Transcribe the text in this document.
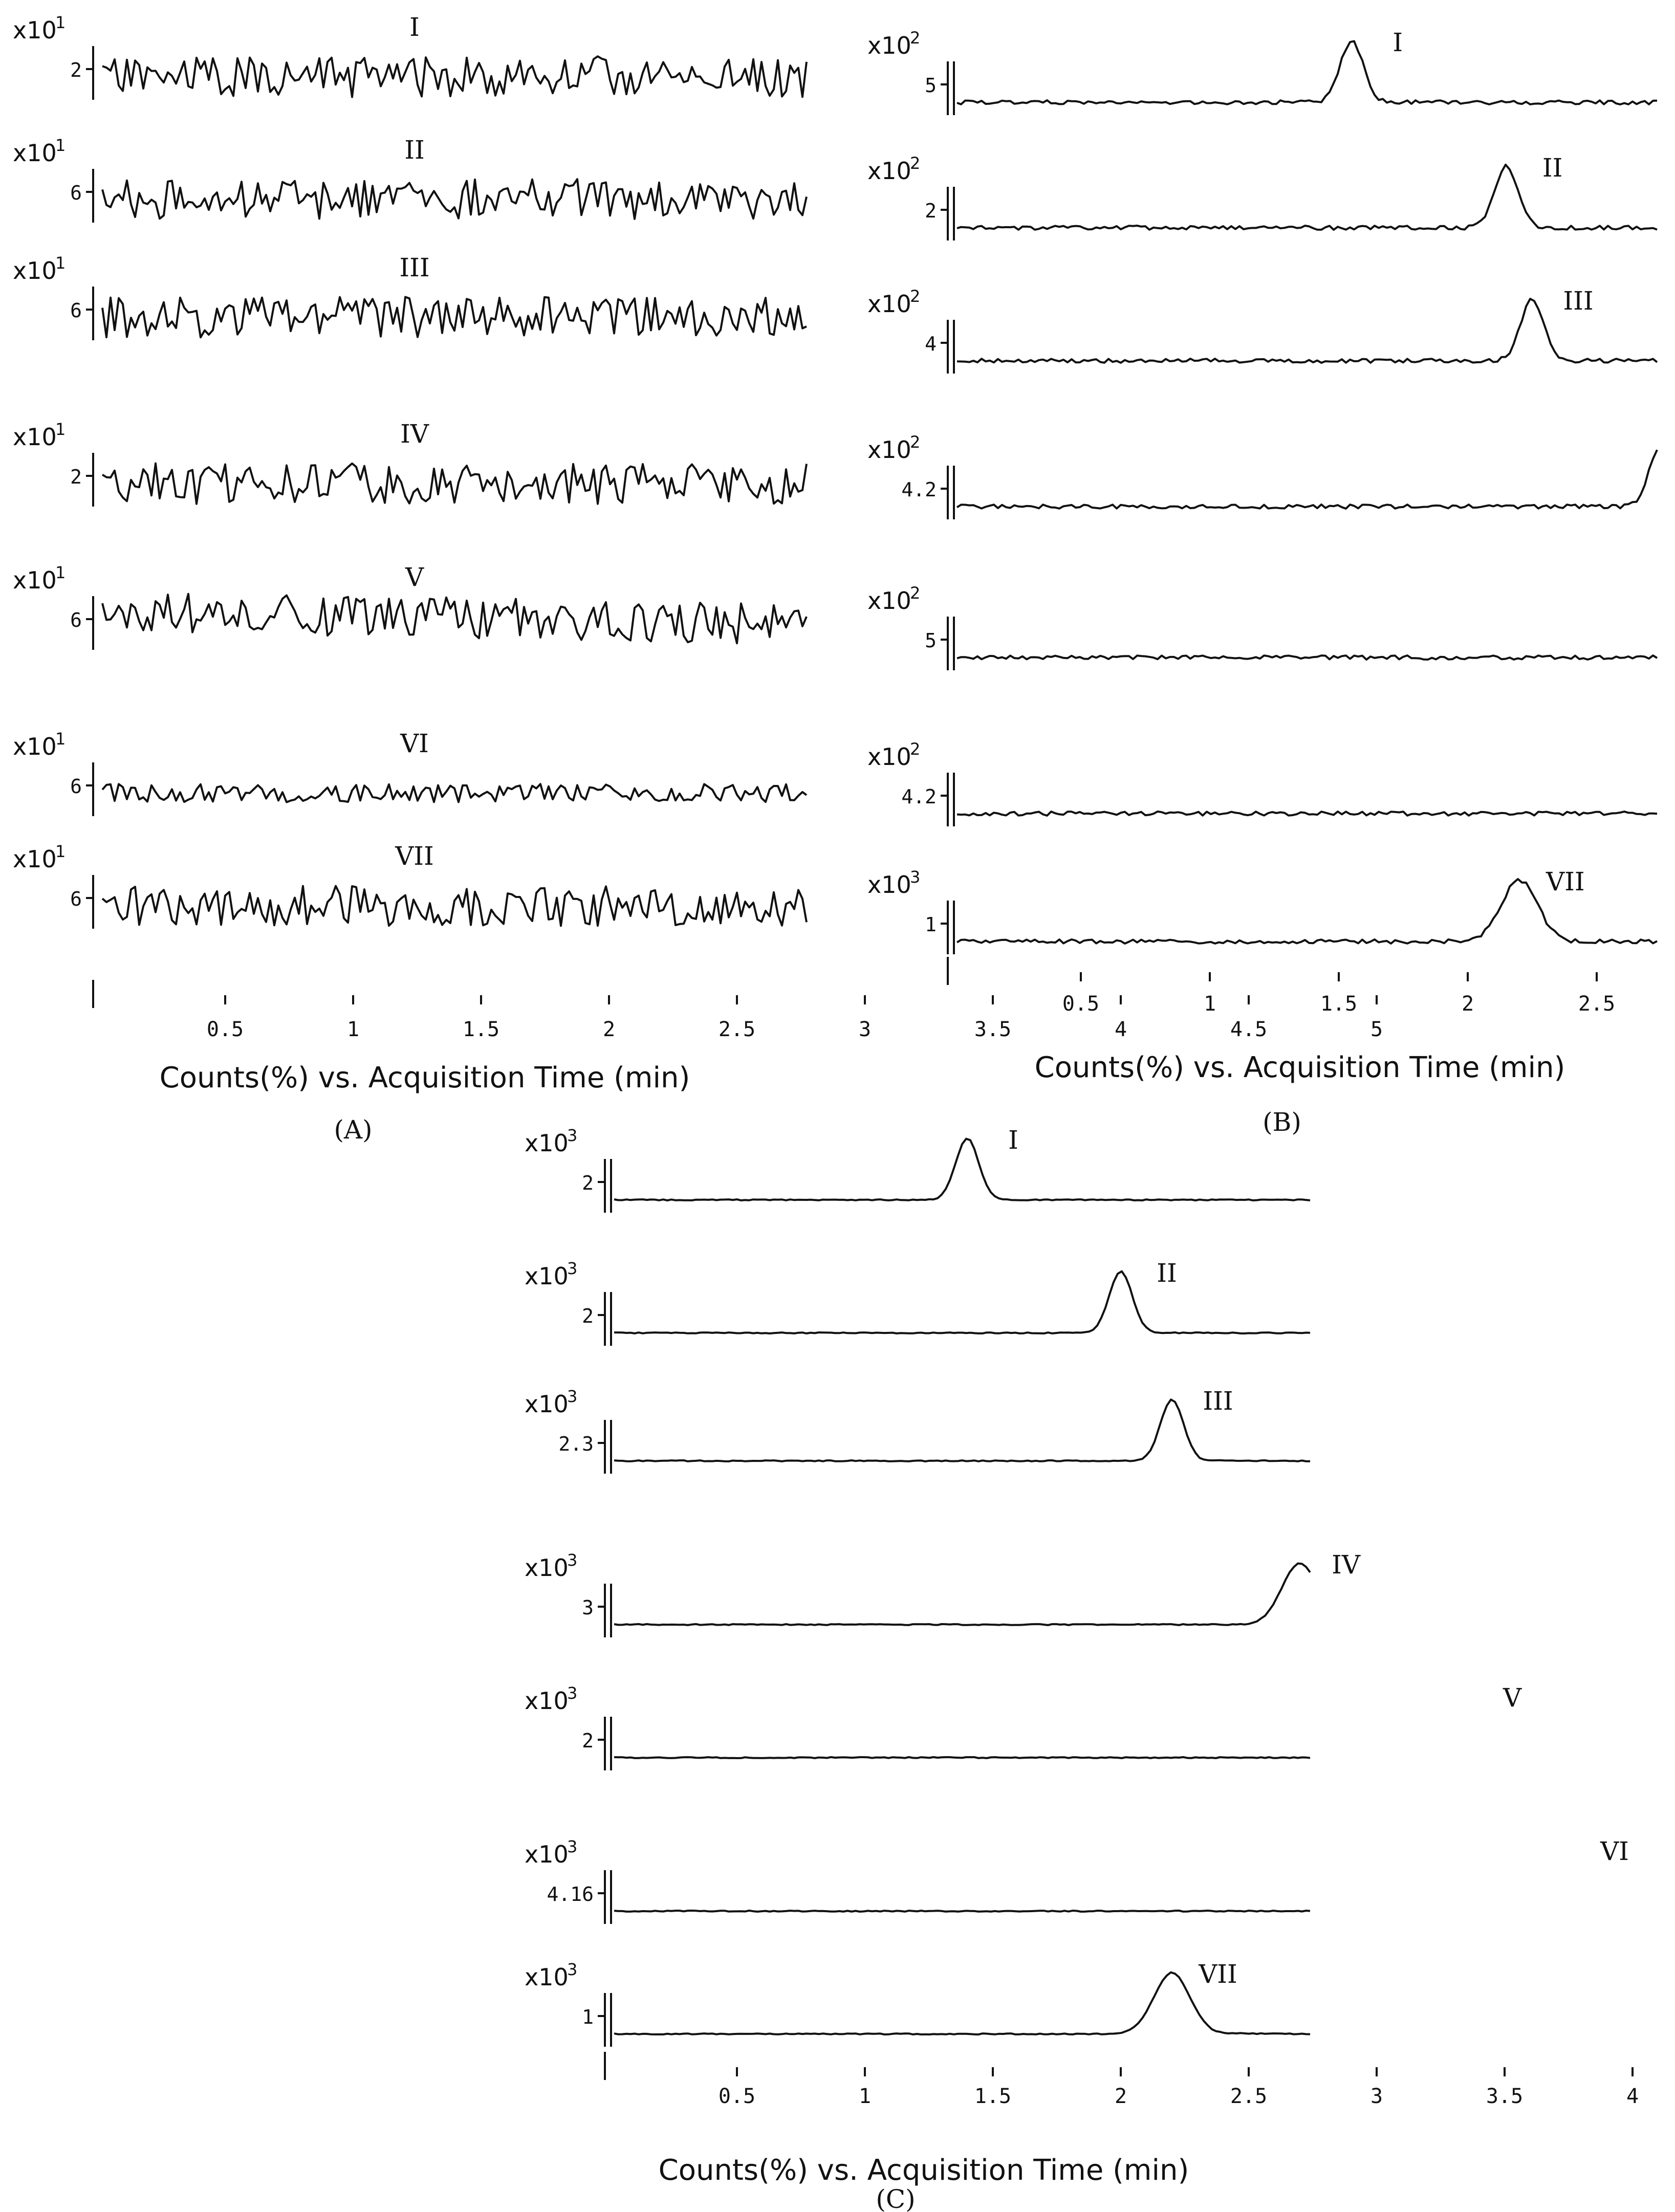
x10
1
2
I
x10
1
6
II
x10
1
6
III
x10
1
2
IV
x10
1
6
V
x10
1
6
VI
x10
1
6
VII
0.5	1	1.5	2	2.5	3	3.5	4	4.5	5
Counts(%) vs. Acquisition Time (min)
(A)
x10
2
5
I
x10
2
2
II
x10
2
4
III
x10
2
4.2
x10
2
5
x10
2
4.2
x10
3
1
VII
0.5	1	1.5	2	2.5
Counts(%) vs. Acquisition Time (min)
(B)
x10
3
2
I
x10
3
2
II
x10
3
2.3
III
x10
3
3
IV
x10
3
2
V
x10
3
4.16
VI
x10
3
1
VII
0.5	1	1.5	2	2.5	3	3.5	4
Counts(%) vs. Acquisition Time (min)
(C)
